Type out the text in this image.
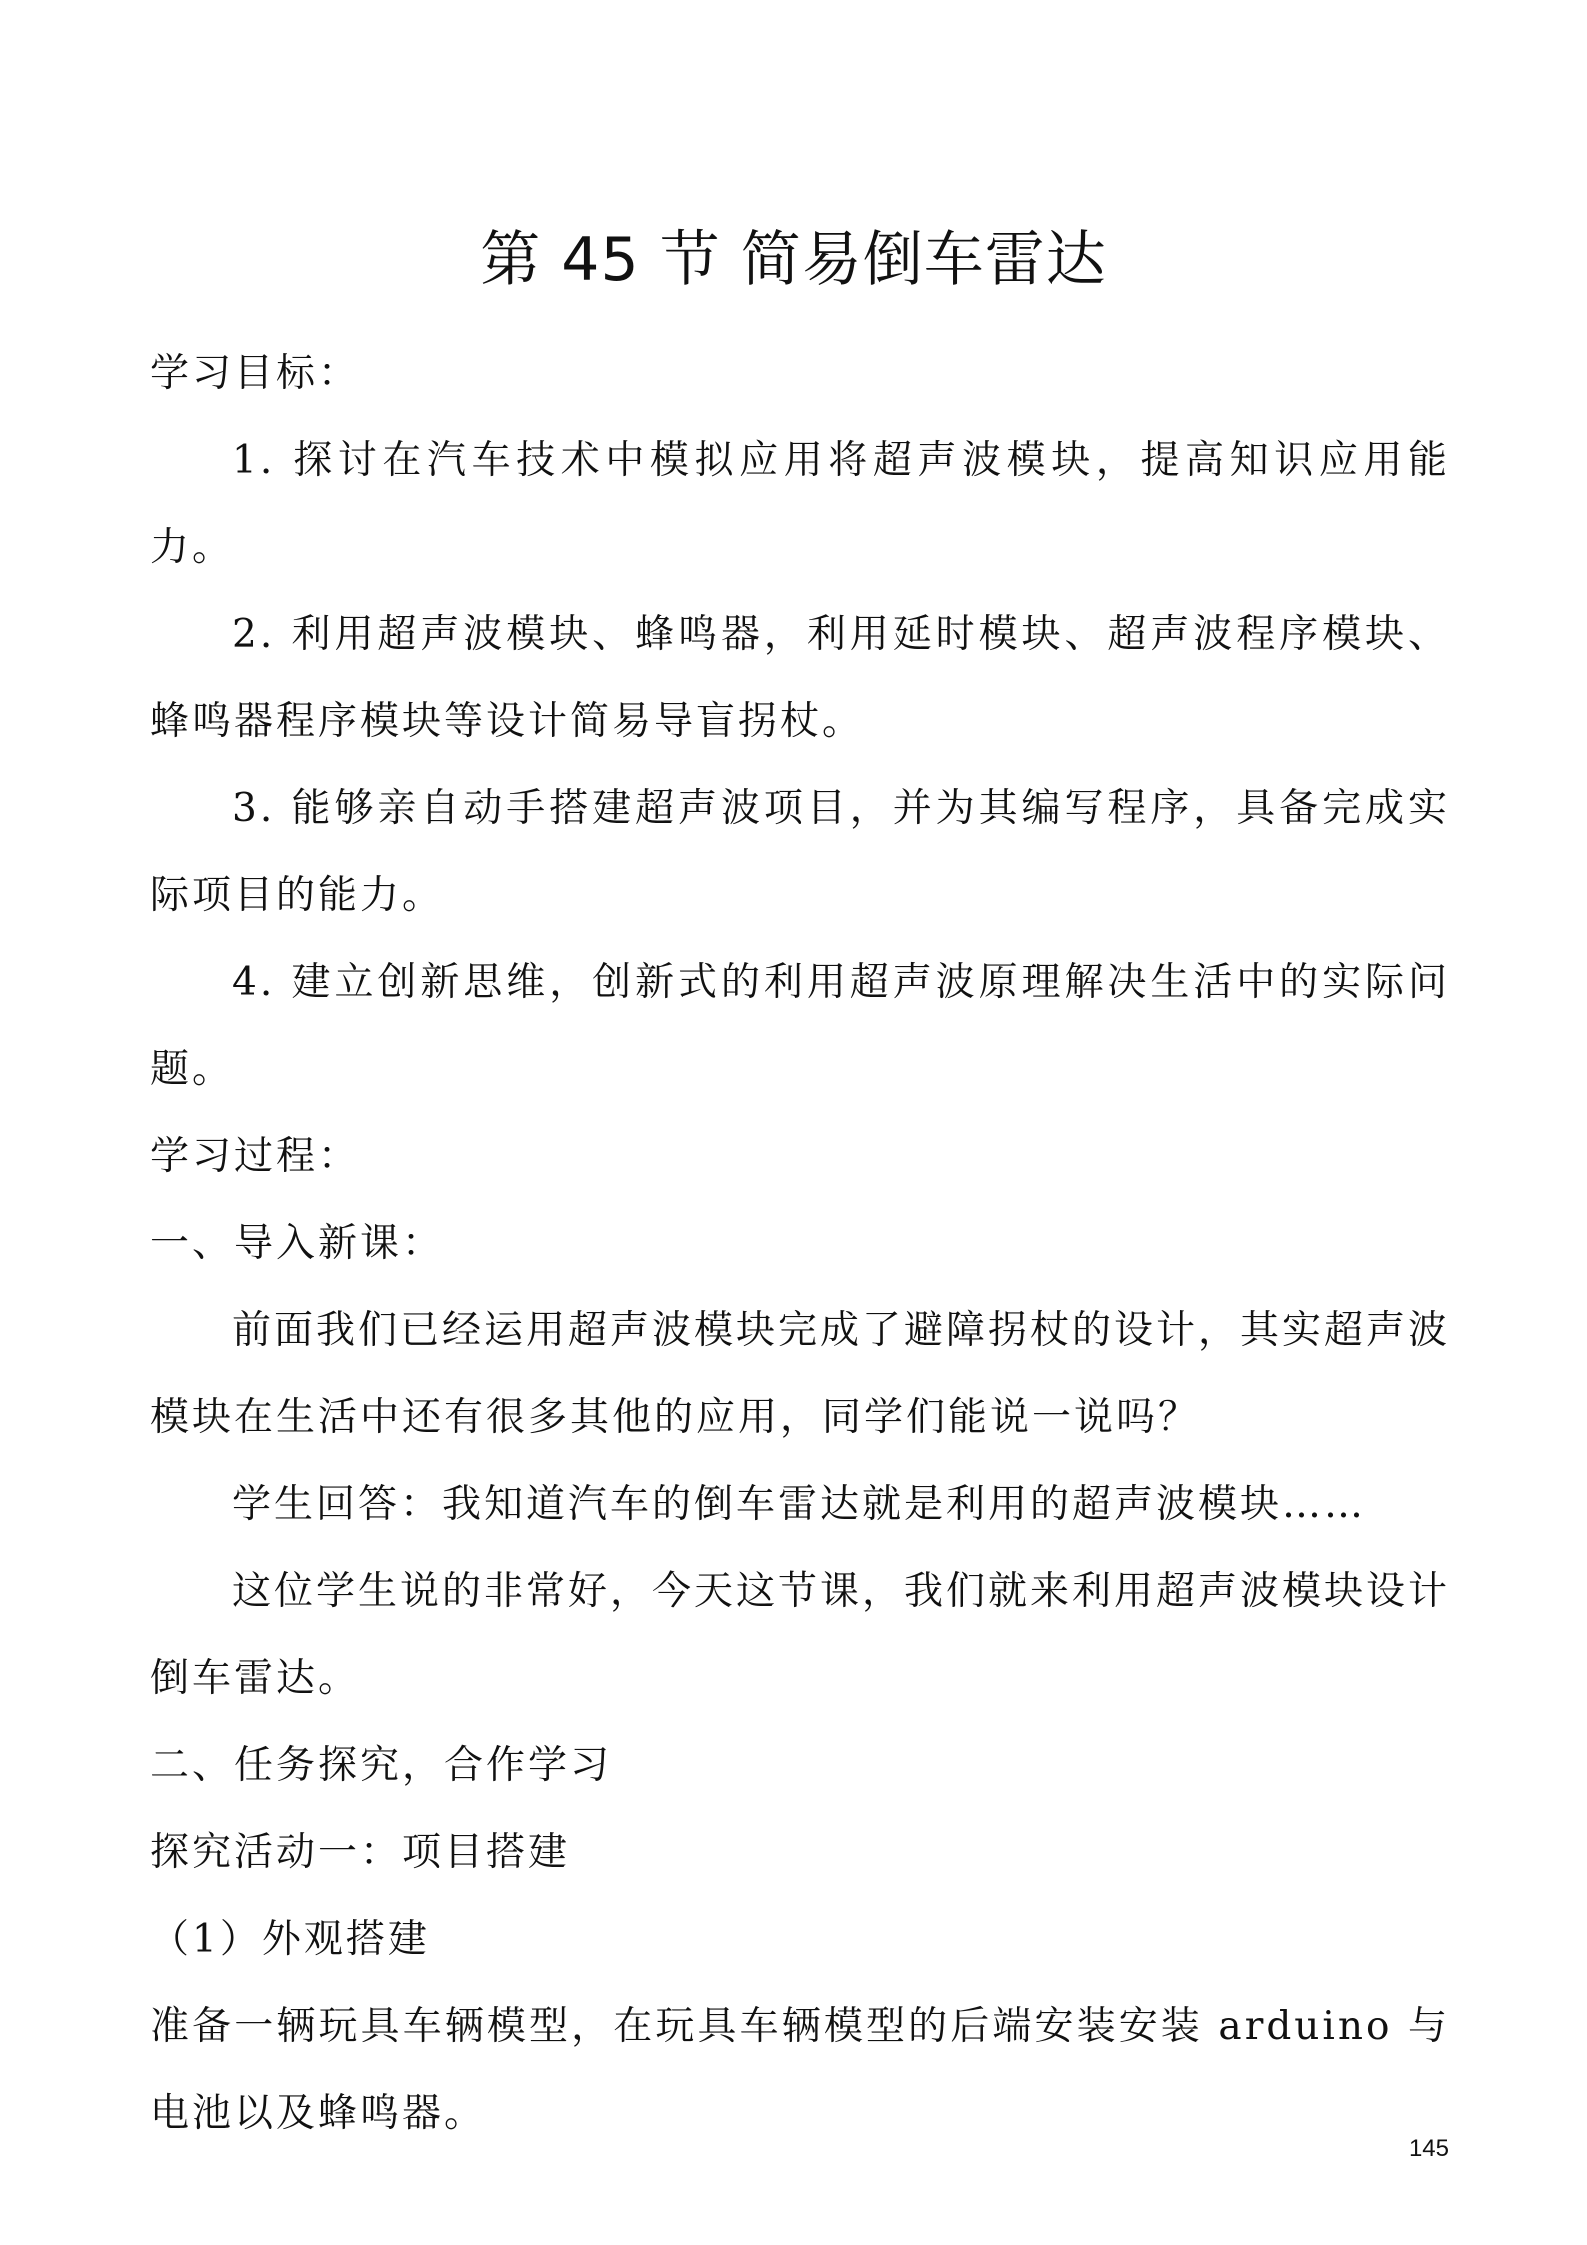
第 45 节 简易倒车雷达

学习目标：

1. 探讨在汽车技术中模拟应用将超声波模块，提高知识应用能力。

2. 利用超声波模块、蜂鸣器，利用延时模块、超声波程序模块、蜂鸣器程序模块等设计简易导盲拐杖。

3. 能够亲自动手搭建超声波项目，并为其编写程序，具备完成实际项目的能力。

4. 建立创新思维，创新式的利用超声波原理解决生活中的实际问题。

学习过程：

一、导入新课：

前面我们已经运用超声波模块完成了避障拐杖的设计，其实超声波模块在生活中还有很多其他的应用，同学们能说一说吗？

学生回答：我知道汽车的倒车雷达就是利用的超声波模块……

这位学生说的非常好，今天这节课，我们就来利用超声波模块设计倒车雷达。

二、任务探究，合作学习

探究活动一：项目搭建

（1）外观搭建

准备一辆玩具车辆模型，在玩具车辆模型的后端安装安装 arduino 与电池以及蜂鸣器。

145
